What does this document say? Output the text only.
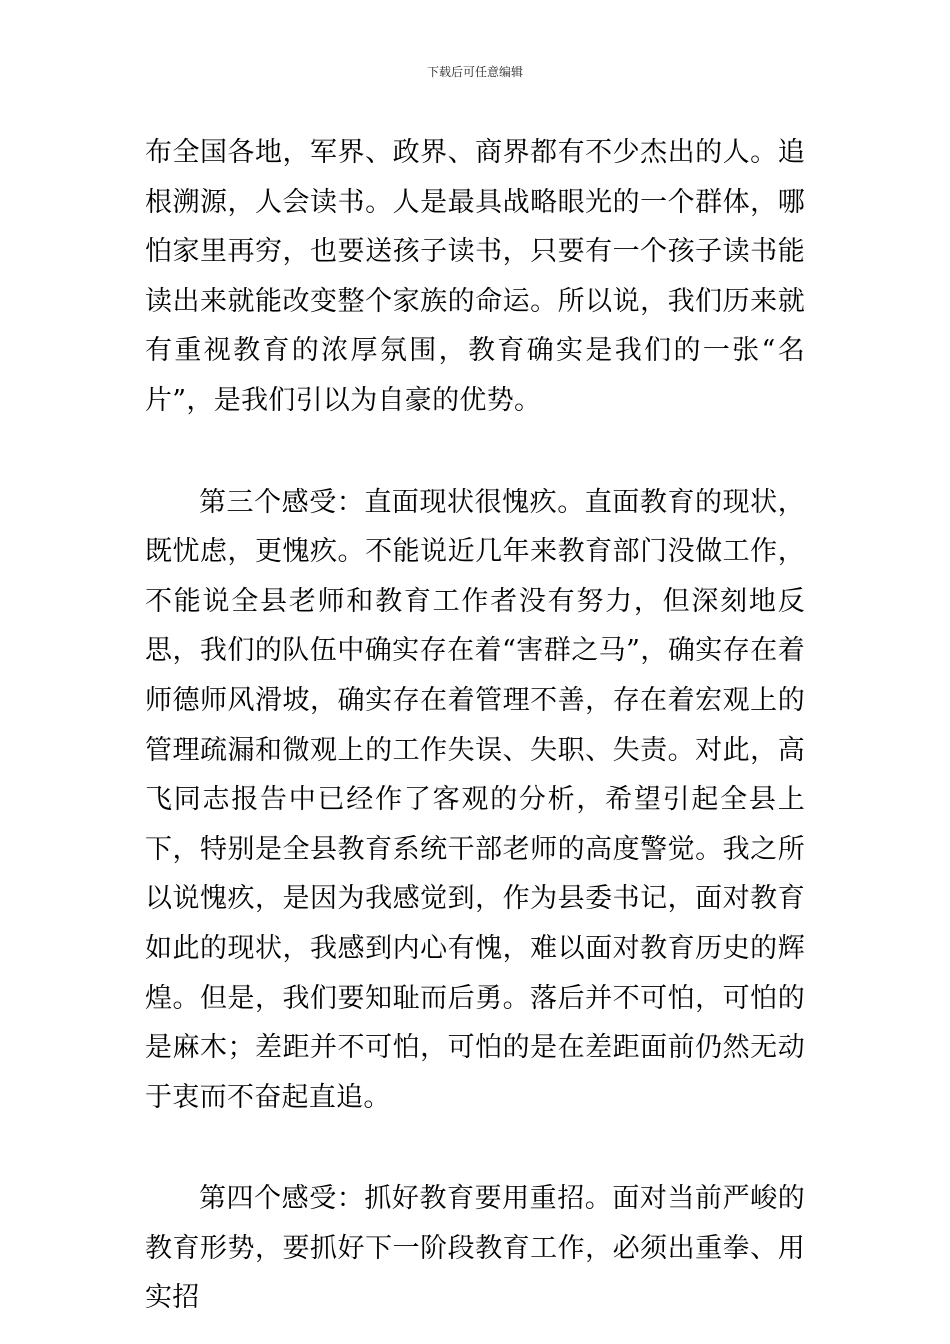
下载后可任意编辑

布全国各地，军界、政界、商界都有不少杰出的人。追根溯源，人会读书。人是最具战略眼光的一个群体，哪怕家里再穷，也要送孩子读书，只要有一个孩子读书能读出来就能改变整个家族的命运。所以说，我们历来就有重视教育的浓厚氛围，教育确实是我们的一张“名片”，是我们引以为自豪的优势。

第三个感受：直面现状很愧疚。直面教育的现状，既忧虑，更愧疚。不能说近几年来教育部门没做工作，不能说全县老师和教育工作者没有努力，但深刻地反思，我们的队伍中确实存在着“害群之马”，确实存在着师德师风滑坡，确实存在着管理不善，存在着宏观上的管理疏漏和微观上的工作失误、失职、失责。对此，高飞同志报告中已经作了客观的分析，希望引起全县上下，特别是全县教育系统干部老师的高度警觉。我之所以说愧疚，是因为我感觉到，作为县委书记，面对教育如此的现状，我感到内心有愧，难以面对教育历史的辉煌。但是，我们要知耻而后勇。落后并不可怕，可怕的是麻木；差距并不可怕，可怕的是在差距面前仍然无动于衷而不奋起直追。

第四个感受：抓好教育要用重招。面对当前严峻的教育形势，要抓好下一阶段教育工作，必须出重拳、用实招
